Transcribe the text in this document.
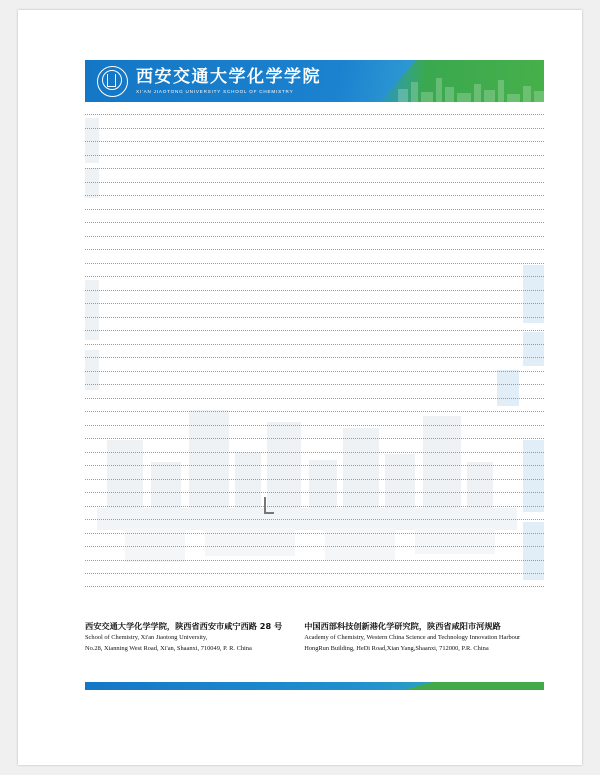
西安交通大学化学学院
XI'AN JIAOTONG UNIVERSITY SCHOOL OF CHEMISTRY
西安交通大学化学学院，陕西省西安市咸宁西路 28 号
School of Chemistry, Xi'an Jiaotong University,
No.28, Xianning West Road, Xi'an, Shaanxi, 710049, P. R. China
中国西部科技创新港化学研究院，陕西省咸阳市河规路
Academy of Chemistry, Western China Science and Technology Innovation Harbour
HongRun Building, HeDi Road,Xian Yang,Shaanxi, 712000, P.R. China
